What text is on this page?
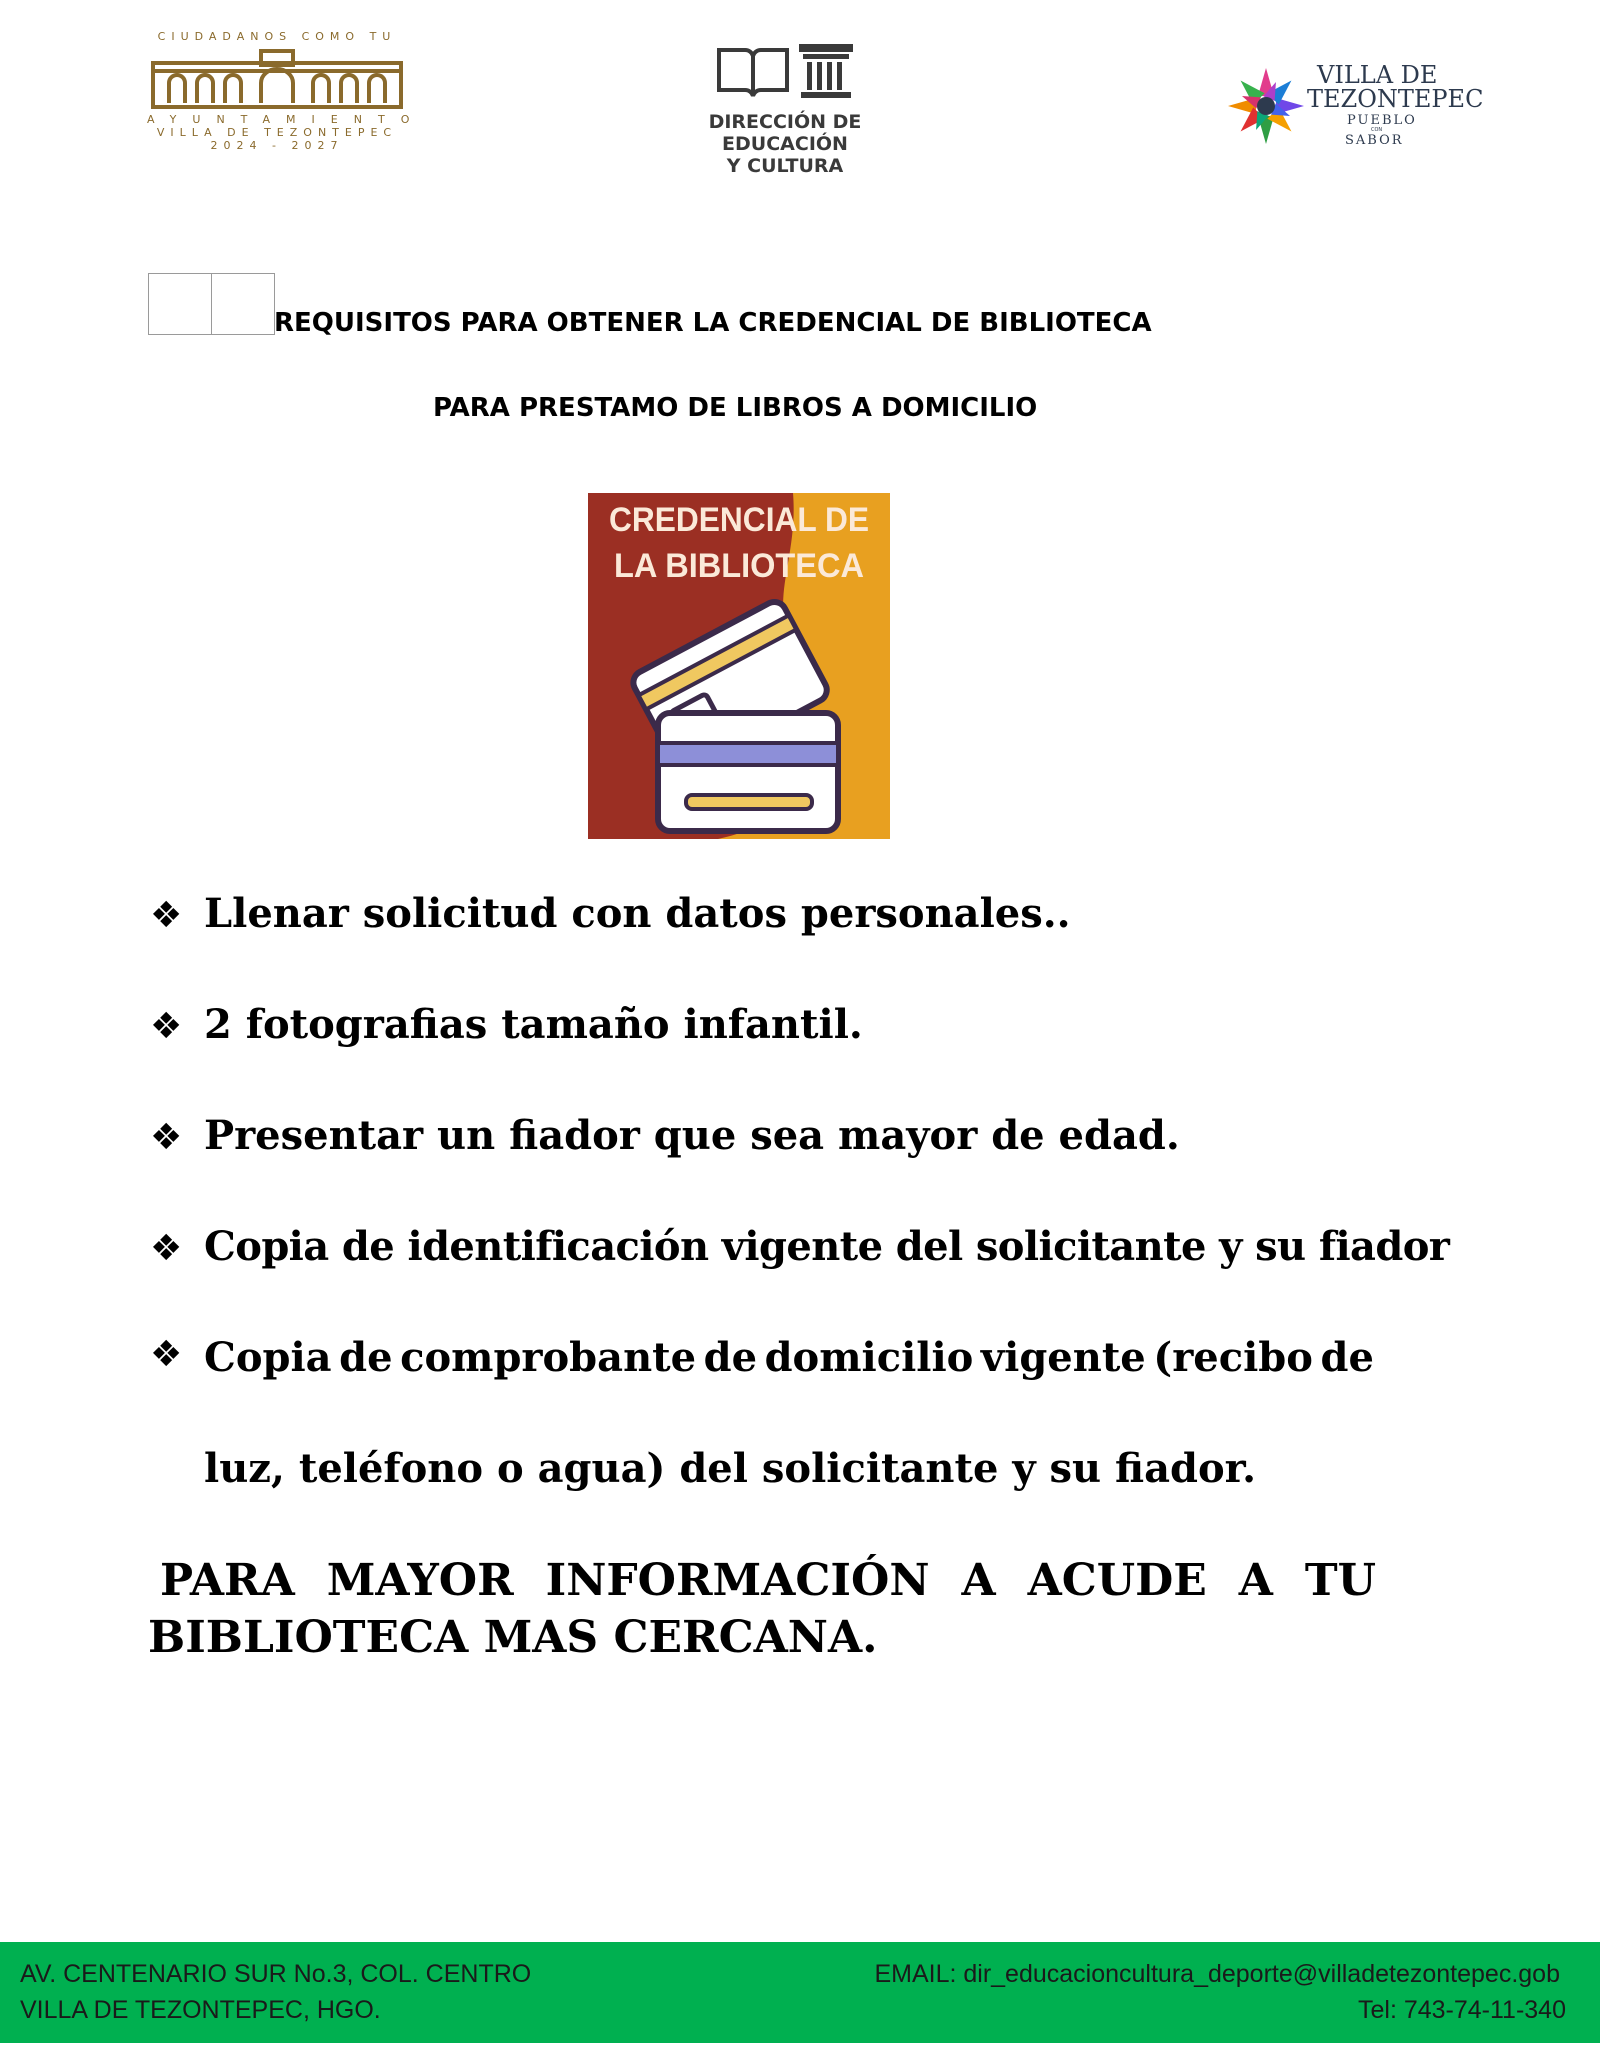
CIUDADANOS COMO TU
AYUNTAMIENTO
VILLA DE TEZONTEPEC
2024 - 2027
DIRECCIÓN DE
EDUCACIÓN
Y CULTURA
VILLA DE
TEZONTEPEC
PUEBLO
CON
SABOR
REQUISITOS PARA OBTENER LA CREDENCIAL DE BIBLIOTECA
PARA PRESTAMO DE LIBROS A DOMICILIO
CREDENCIAL DE
LA BIBLIOTECA
❖ Llenar solicitud con datos personales..
❖ 2 fotografias tamaño infantil.
❖ Presentar un fiador que sea mayor de edad.
❖ Copia de identificación vigente del solicitante y su fiador
❖ Copia de comprobante de domicilio vigente (recibo de
luz, teléfono o agua) del solicitante y su fiador.
PARA MAYOR INFORMACIÓN A ACUDE A TU
BIBLIOTECA MAS CERCANA.
AV. CENTENARIO SUR No.3, COL. CENTRO
VILLA DE TEZONTEPEC, HGO.
EMAIL: dir_educacioncultura_deporte@villadetezontepec.gob
Tel: 743-74-11-340
